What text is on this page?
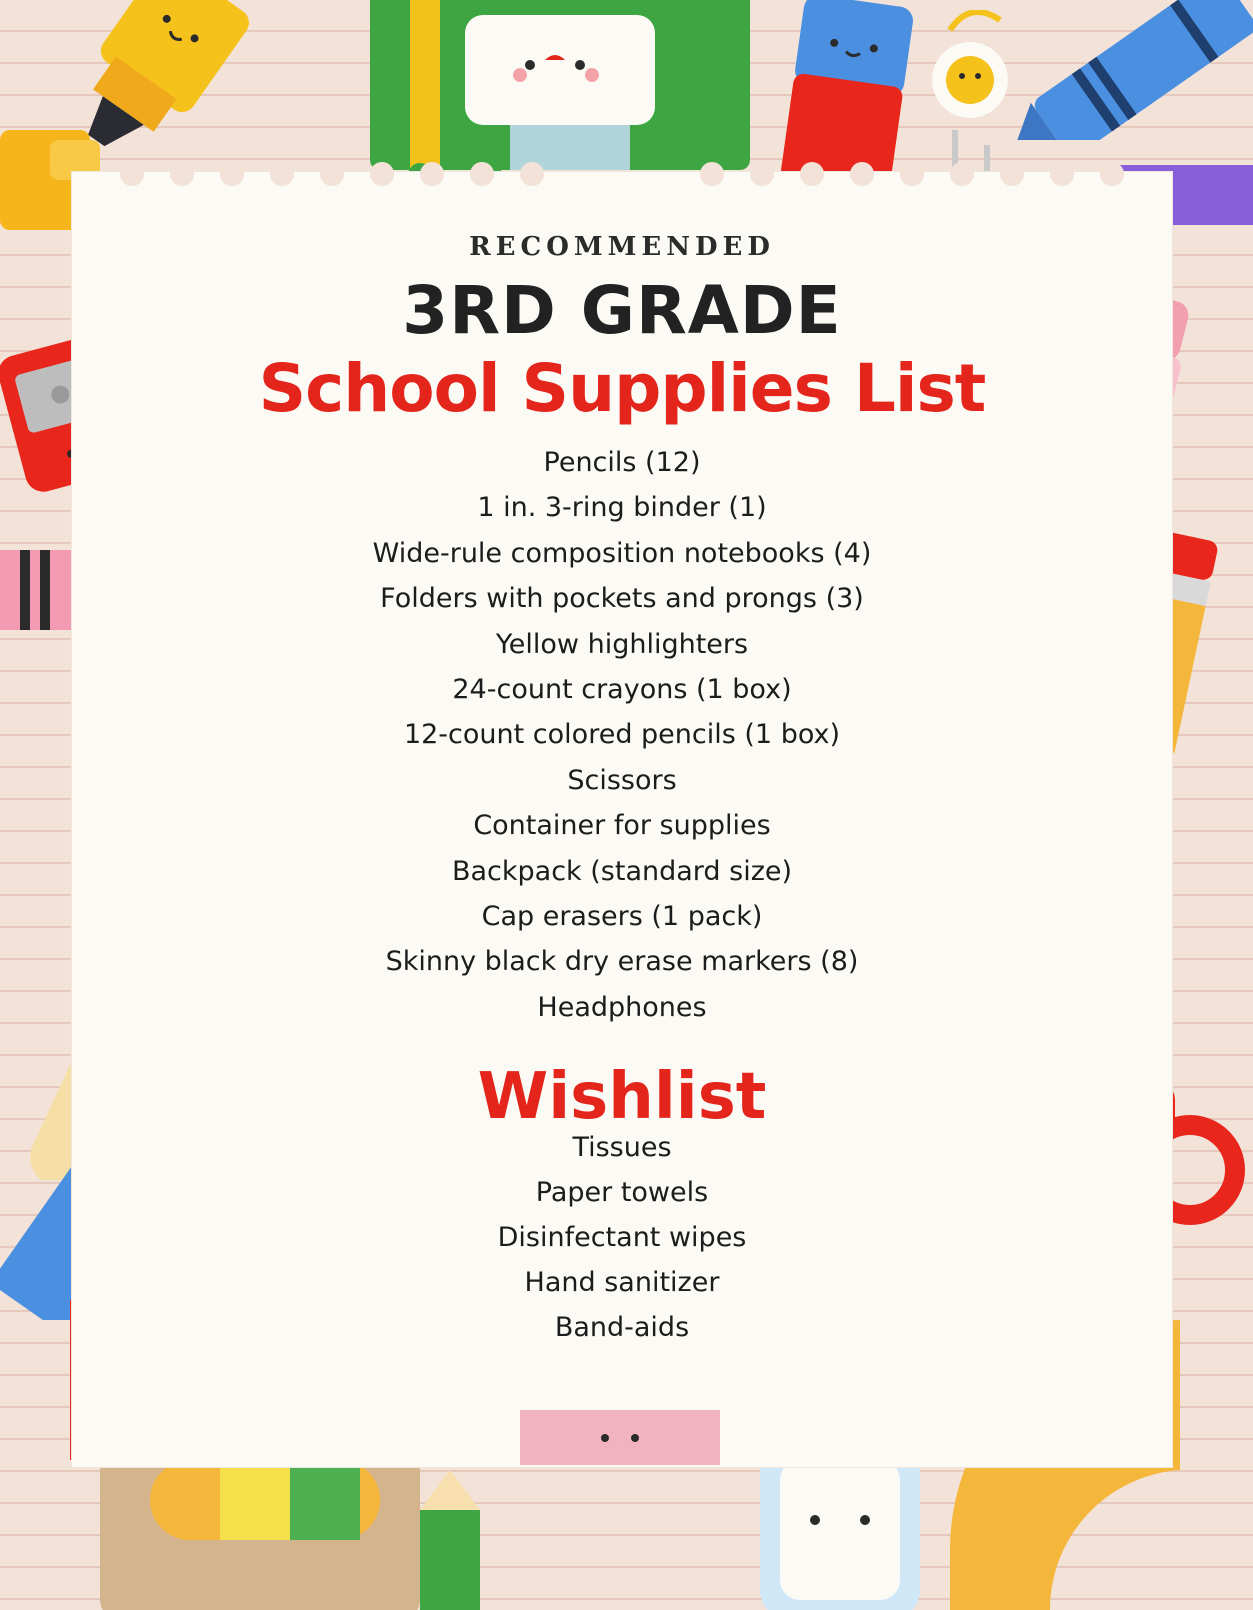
RECOMMENDED
3RD GRADE
School Supplies List
Pencils (12)
1 in. 3-ring binder (1)
Wide-rule composition notebooks (4)
Folders with pockets and prongs (3)
Yellow highlighters
24-count crayons (1 box)
12-count colored pencils (1 box)
Scissors
Container for supplies
Backpack (standard size)
Cap erasers (1 pack)
Skinny black dry erase markers (8)
Headphones
Wishlist
Tissues
Paper towels
Disinfectant wipes
Hand sanitizer
Band-aids
